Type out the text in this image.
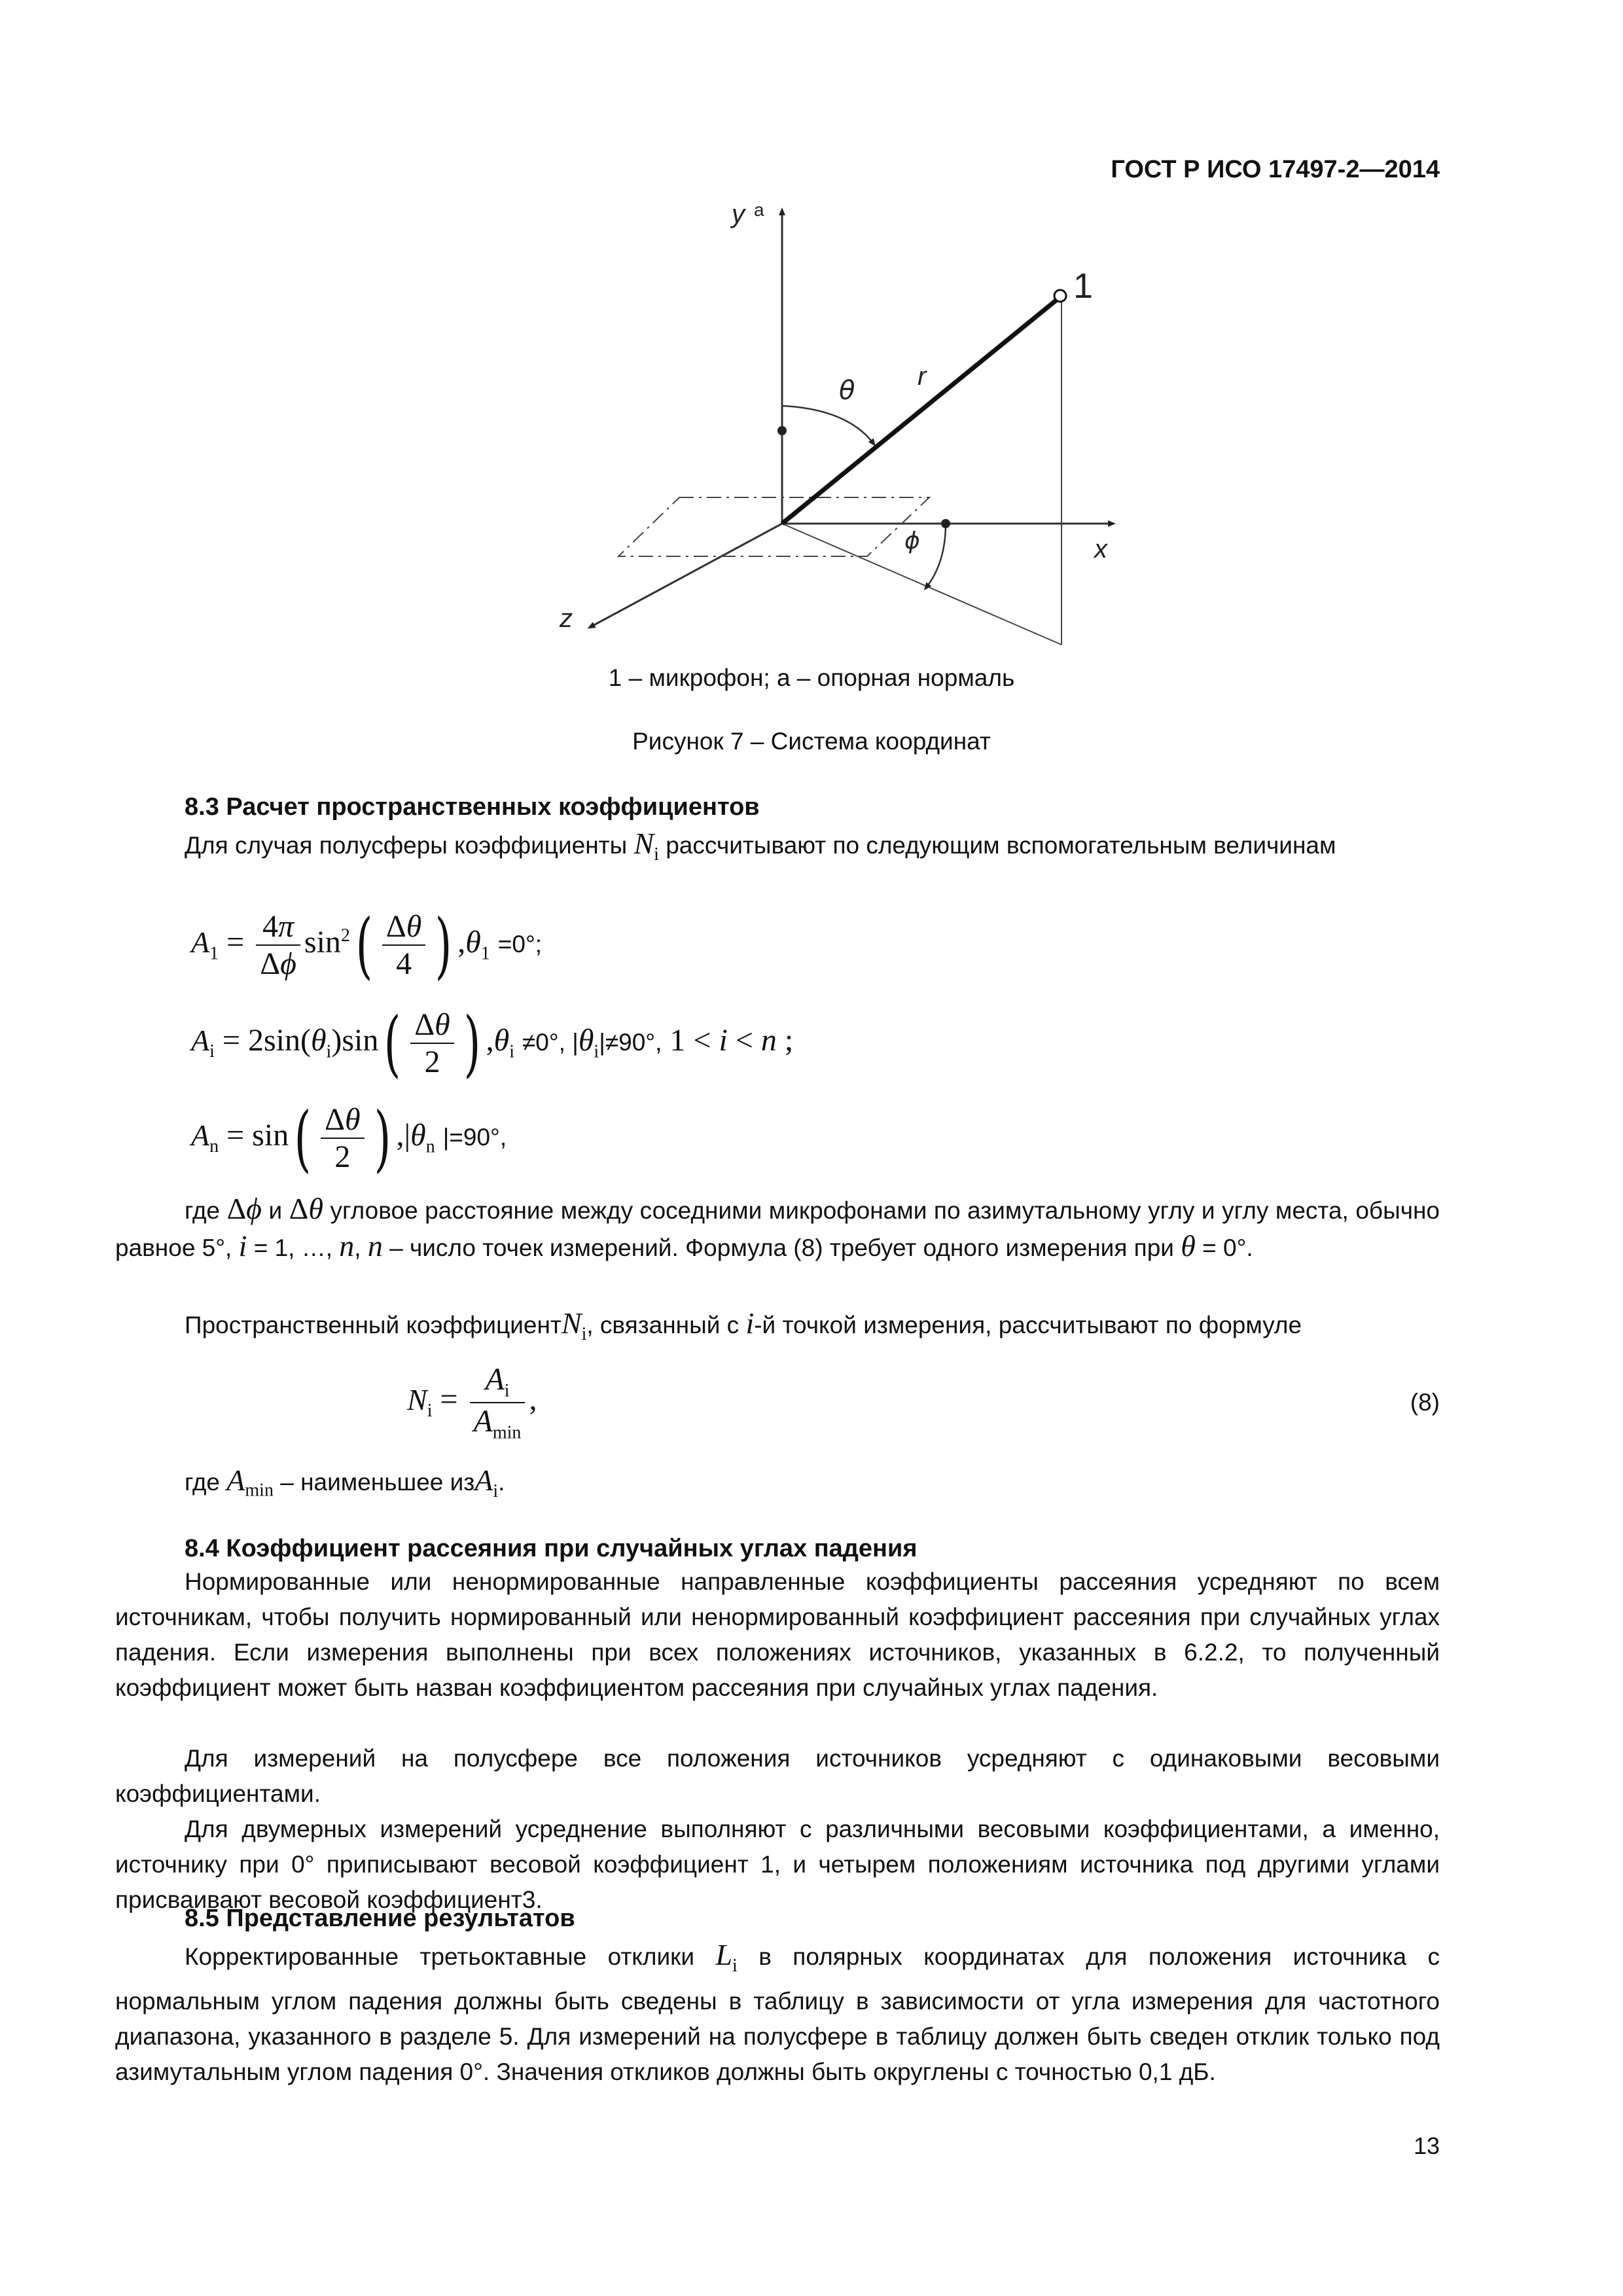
ГОСТ Р ИСО 17497-2—2014
y a
1
θ r
ϕ	x
z
1 – микрофон; а – опорная нормаль
Рисунок 7 – Система координат
8.3 Расчет пространственных коэффициентов
Для случая полусферы коэффициенты $N_i$ рассчитывают по следующим вспомогательным величинам
$A_1 = \frac{4\pi}{\Delta\phi} \sin^2( \frac{\Delta\theta}{4}$ ) $,\theta_1 =0^\circ$;
$A_i = 2\sin(\theta_i)\sin( \frac{\Delta\theta}{2}$ ) $,\theta_i \ne 0^\circ$, $|\theta_i|\ne 90^\circ$, 1 < i < n ;
$A_n = \sin( \frac{\Delta\theta}{2}$ ) $,|\theta_n$ |=90°,
где Δϕ и Δθ угловое расстояние между соседними микрофонами по азимутальному углу и углу места, обычно равное 5°, i = 1, …, n, n – число точек измерений. Формула (8) требует одного измерения при θ = 0°.
Пространственный коэффициентN$_i$, связанный с i-й точкой измерения, рассчитывают по формуле
$N_i = \frac{A_i}{A_{min}}$ ,	(8)
где $A_{min}$ – наименьшее изA$_i$.
8.4 Коэффициент рассеяния при случайных углах падения
Нормированные или ненормированные направленные коэффициенты рассеяния усредняют по всем источникам, чтобы получить нормированный или ненормированный коэффициент рассеяния при случайных углах падения. Если измерения выполнены при всех положениях источников, указанных в 6.2.2, то полученный коэффициент может быть назван коэффициентом рассеяния при случайных углах падения.
Для измерений на полусфере все положения источников усредняют с одинаковыми весовыми коэффициентами.
Для двумерных измерений усреднение выполняют с различными весовыми коэффициентами, а именно, источнику при 0° приписывают весовой коэффициент 1, и четырем положениям источника под другими углами присваивают весовой коэффициент3.
8.5 Представление результатов
Корректированные третьоктавные отклики $L_i$ в полярных координатах для положения источника с нормальным углом падения должны быть сведены в таблицу в зависимости от угла измерения для частотного диапазона, указанного в разделе 5. Для измерений на полусфере в таблицу должен быть сведен отклик только под азимутальным углом падения 0°. Значения откликов должны быть округлены с точностью 0,1 дБ.
13
